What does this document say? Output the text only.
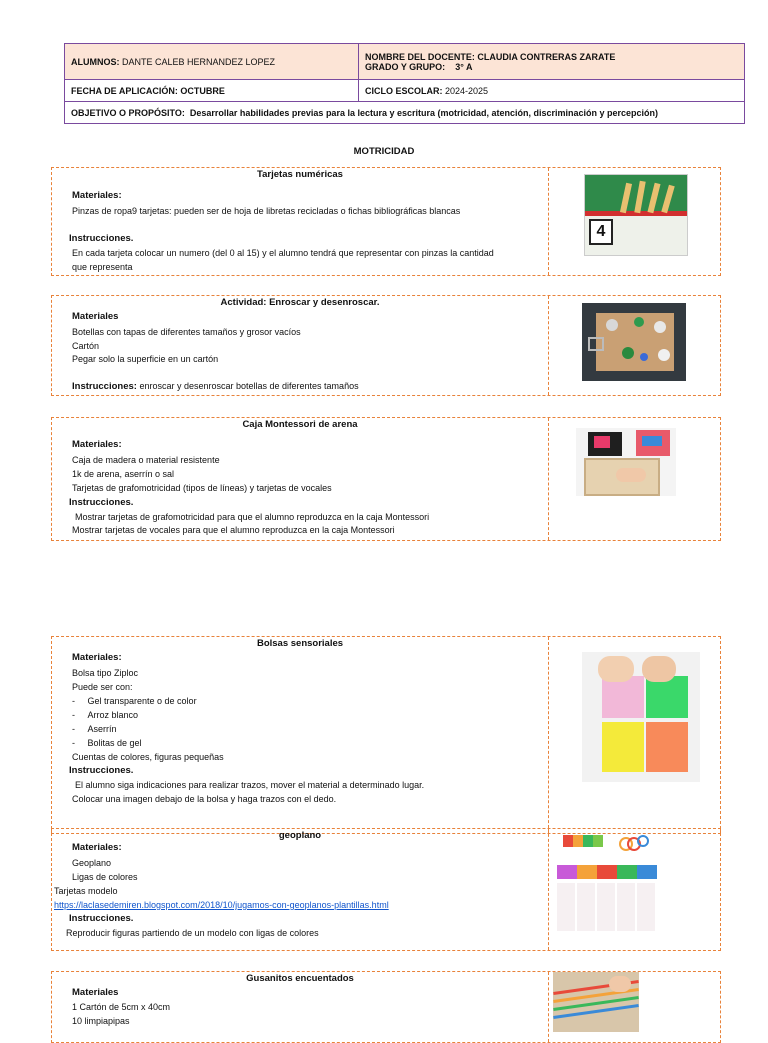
ALUMNOS: DANTE CALEB HERNANDEZ LOPEZ	NOMBRE DEL DOCENTE: CLAUDIA CONTRERAS ZARATE
GRADO Y GRUPO: 3° A
FECHA DE APLICACIÓN: OCTUBRE	CICLO ESCOLAR: 2024-2025
OBJETIVO O PROPÓSITO: Desarrollar habilidades previas para la lectura y escritura (motricidad, atención, discriminación y percepción)
MOTRICIDAD
Tarjetas numéricas
Materiales:
Pinzas de ropa9 tarjetas: pueden ser de hoja de libretas recicladas o fichas bibliográficas blancas
Instrucciones.
En cada tarjeta colocar un numero (del 0 al 15) y el alumno tendrá que representar con pinzas la cantidad
que representa
4
Actividad: Enroscar y desenroscar.
Materiales
Botellas con tapas de diferentes tamaños y grosor vacíos
Cartón
Pegar solo la superficie en un cartón
Instrucciones: enroscar y desenroscar botellas de diferentes tamaños
Caja Montessori de arena
Materiales:
Caja de madera o material resistente
1k de arena, aserrín o sal
Tarjetas de grafomotricidad (tipos de líneas) y tarjetas de vocales
Instrucciones.
Mostrar tarjetas de grafomotricidad para que el alumno reproduzca en la caja Montessori
Mostrar tarjetas de vocales para que el alumno reproduzca en la caja Montessori
Bolsas sensoriales
Materiales:
Bolsa tipo Ziploc
Puede ser con:
-     Gel transparente o de color
-     Arroz blanco
-     Aserrín
-     Bolitas de gel
Cuentas de colores, figuras pequeñas
Instrucciones.
El alumno siga indicaciones para realizar trazos, mover el material a determinado lugar.
Colocar una imagen debajo de la bolsa y haga trazos con el dedo.
geoplano
Materiales:
Geoplano
Ligas de colores
Tarjetas modelo
https://laclasedemiren.blogspot.com/2018/10/jugamos-con-geoplanos-plantillas.html
Instrucciones.
Reproducir figuras partiendo de un modelo con ligas de colores
Gusanitos encuentados
Materiales
1 Cartón de 5cm x 40cm
10 limpiapipas
